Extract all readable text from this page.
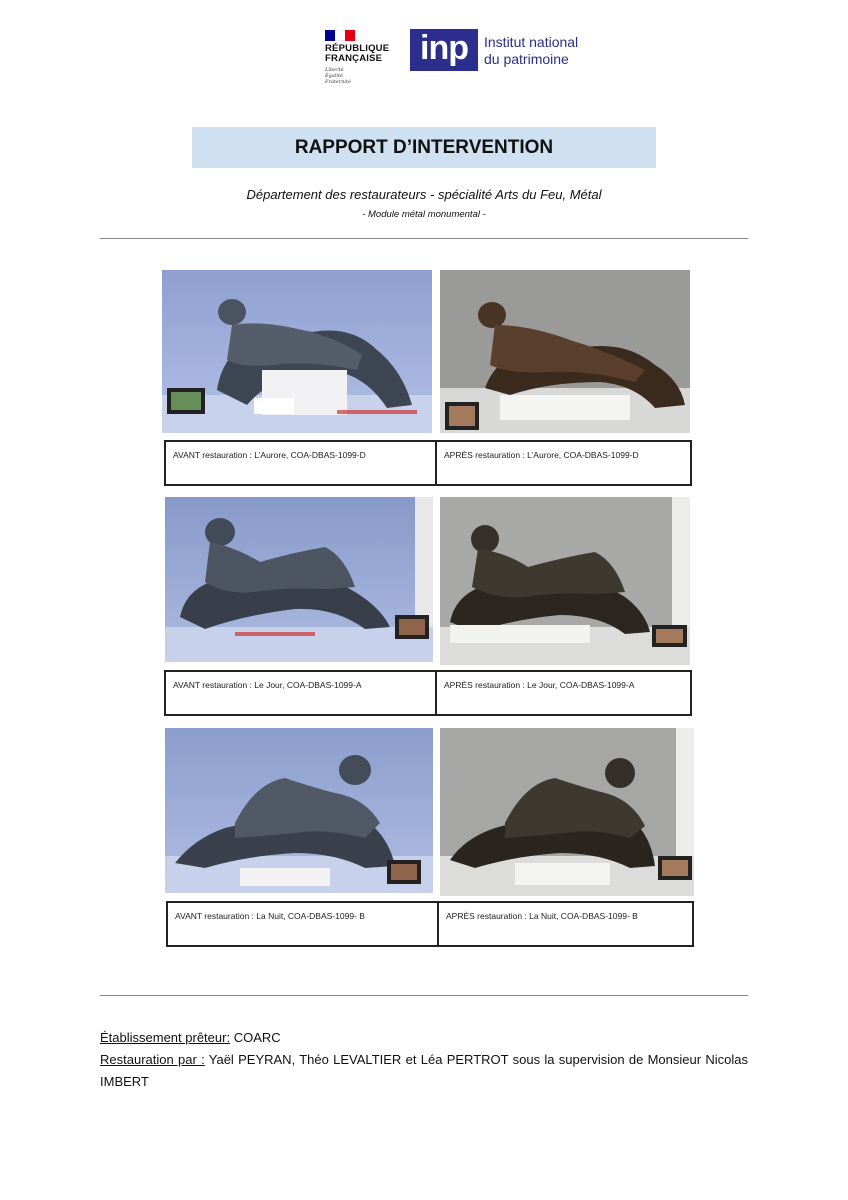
RÉPUBLIQUE
FRANÇAISE
Liberté
Égalité
Fraternité
inp	Institut national
du patrimoine
RAPPORT D’INTERVENTION
Département des restaurateurs - spécialité Arts du Feu, Métal
- Module métal monumental -
AVANT restauration : L’Aurore, COA-DBAS-1099-D	APRÈS restauration : L’Aurore, COA-DBAS-1099-D
AVANT restauration : Le Jour, COA-DBAS-1099-A	APRÈS restauration : Le Jour, COA-DBAS-1099-A
AVANT restauration : La Nuit, COA-DBAS-1099- B	APRÈS restauration : La Nuit, COA-DBAS-1099- B
Établissement prêteur: COARC
Restauration par : Yaël PEYRAN, Théo LEVALTIER et Léa PERTROT sous la supervision de Monsieur Nicolas IMBERT
